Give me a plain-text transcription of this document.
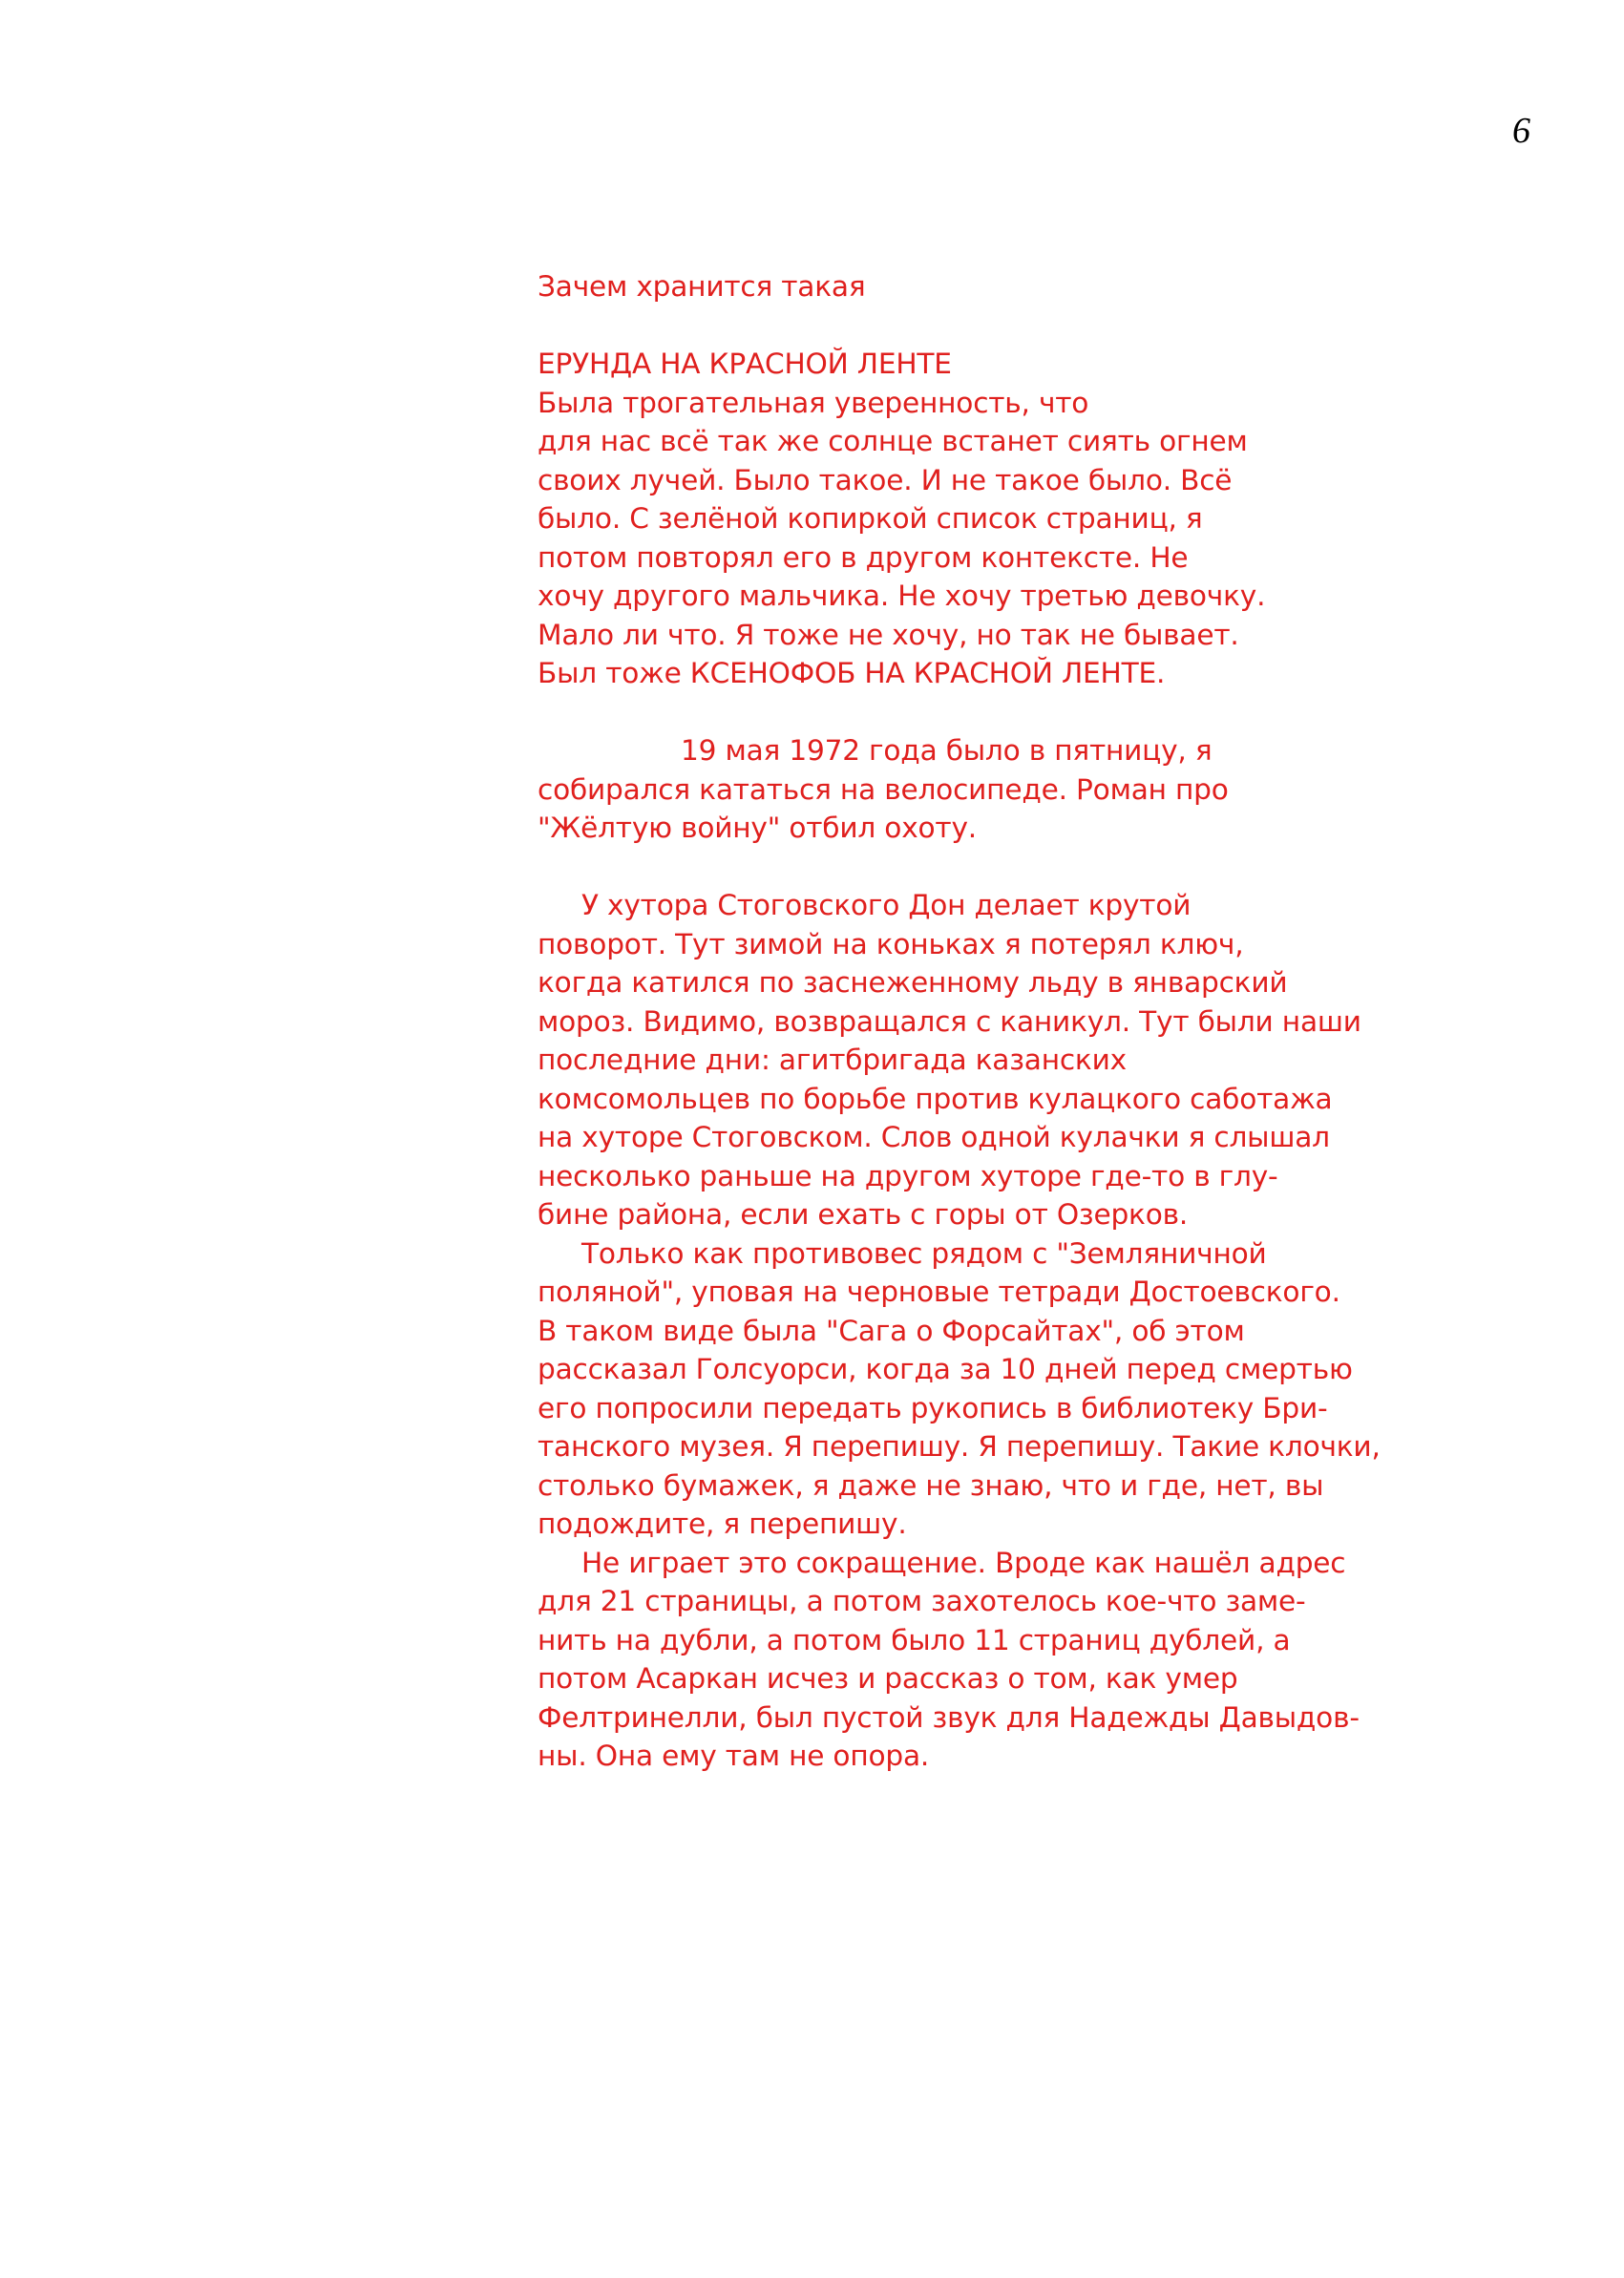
6
Зачем хранится такая
ЕРУНДА НА КРАСНОЙ ЛЕНТЕ
Была трогательная уверенность, что
для нас всё так же солнце встанет сиять огнем
своих лучей. Было такое. И не такое было. Всё
было. С зелёной копиркой список страниц, я
потом повторял его в другом контексте. Не
хочу другого мальчика. Не хочу третью девочку.
Мало ли что. Я тоже не хочу, но так не бывает.
Был тоже КСЕНОФОБ НА КРАСНОЙ ЛЕНТЕ.
19 мая 1972 года было в пятницу, я
собирался кататься на велосипеде. Роман про
"Жёлтую войну" отбил охоту.
У хутора Стоговского Дон делает крутой
поворот. Тут зимой на коньках я потерял ключ,
когда катился по заснеженному льду в январский
мороз. Видимо, возвращался с каникул. Тут были наши
последние дни: агитбригада казанских
комсомольцев по борьбе против кулацкого саботажа
на хуторе Стоговском. Слов одной кулачки я слышал
несколько раньше на другом хуторе где-то в глу-
бине района, если ехать с горы от Озерков.
Только как противовес рядом с "Земляничной
поляной", уповая на черновые тетради Достоевского.
В таком виде была "Сага о Форсайтах", об этом
рассказал Голсуорси, когда за 10 дней перед смертью
его попросили передать рукопись в библиотеку Бри-
танского музея. Я перепишу. Я перепишу. Такие клочки,
столько бумажек, я даже не знаю, что и где, нет, вы
подождите, я перепишу.
Не играет это сокращение. Вроде как нашёл адрес
для 21 страницы, а потом захотелось кое-что заме-
нить на дубли, а потом было 11 страниц дублей, а
потом Асаркан исчез и рассказ о том, как умер
Фелтринелли, был пустой звук для Надежды Давыдов-
ны. Она ему там не опора.
